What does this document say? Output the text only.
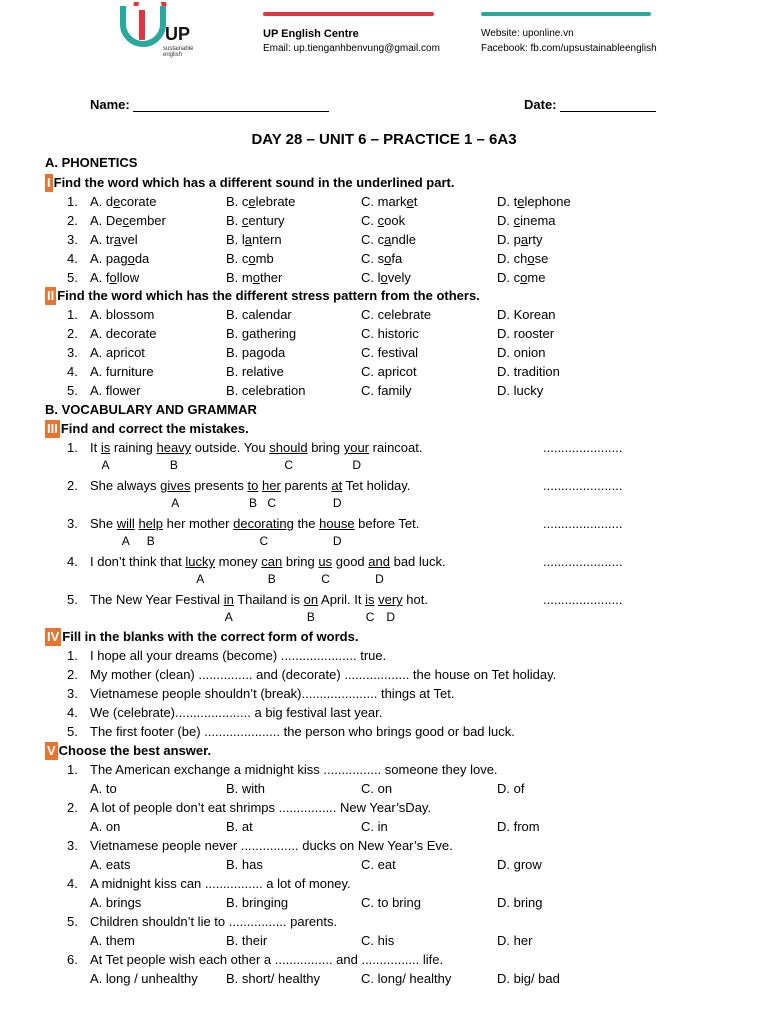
UP
sustainable english
UP English Centre
Email: up.tienganhbenvung@gmail.com
Website: uponline.vn
Facebook: fb.com/upsustainableenglish
Name:	Date:
DAY 28 – UNIT 6 – PRACTICE 1 – 6A3
A. PHONETICS
I Find the word which has a different sound in the underlined part.
1. A. decorate	B. celebrate	C. market	D. telephone
2. A. December	B. century	C. cook	D. cinema
3. A. travel	B. lantern	C. candle	D. party
4. A. pagoda	B. comb	C. sofa	D. chose
5. A. follow	B. mother	C. lovely	D. come
II Find the word which has the different stress pattern from the others.
1. A. blossom	B. calendar	C. celebrate	D. Korean
2. A. decorate	B. gathering	C. historic	D. rooster
3. A. apricot	B. pagoda	C. festival	D. onion
4. A. furniture	B. relative	C. apricot	D. tradition
5. A. flower	B. celebration	C. family	D. lucky
B. VOCABULARY AND GRAMMAR
III Find and correct the mistakes.
1. It is raining heavy outside. You should bring your raincoat.	......................
2. She always gives presents to her parents at Tet holiday.	......................
3. She will help her mother decorating the house before Tet.	......................
4. I don’t think that lucky money can bring us good and bad luck.	......................
5. The New Year Festival in Thailand is on April. It is very hot.	......................
IV Fill in the blanks with the correct form of words.
1. I hope all your dreams (become) ..................... true.
2. My mother (clean) ............... and (decorate) .................. the house on Tet holiday.
3. Vietnamese people shouldn’t (break)..................... things at Tet.
4. We (celebrate)..................... a big festival last year.
5. The first footer (be) ..................... the person who brings good or bad luck.
V Choose the best answer.
1. The American exchange a midnight kiss ................ someone they love.
A. to	B. with	C. on	D. of
2. A lot of people don’t eat shrimps ................ New Year’sDay.
A. on	B. at	C. in	D. from
3. Vietnamese people never ................ ducks on New Year’s Eve.
A. eats	B. has	C. eat	D. grow
4. A midnight kiss can ................ a lot of money.
A. brings	B. bringing	C. to bring	D. bring
5. Children shouldn’t lie to ................ parents.
A. them	B. their	C. his	D. her
6. At Tet people wish each other a ................ and ................ life.
A. long / unhealthy B. short/ healthy	C. long/ healthy	D. big/ bad
A	B	C	D
A	B C	D
A B	C	D
A	B	C	D
A	B	C D
